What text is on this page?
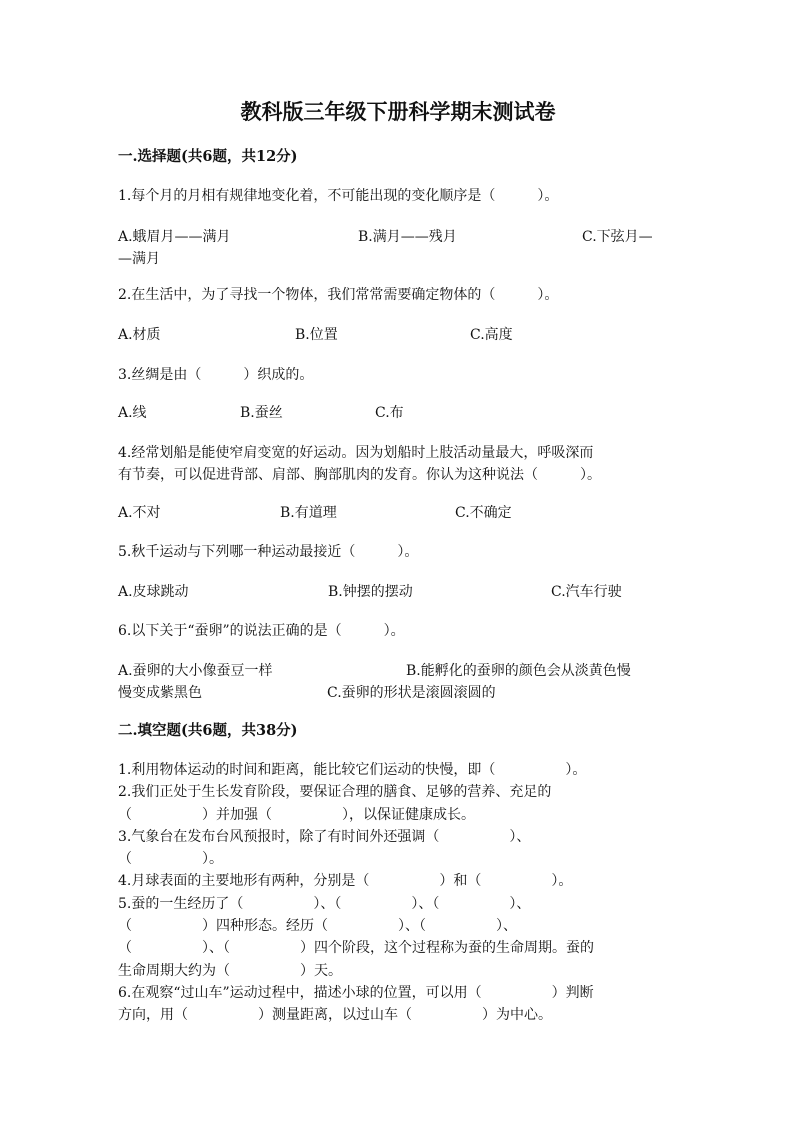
教科版三年级下册科学期末测试卷
一.选择题(共6题，共12分)
1.每个月的月相有规律地变化着，不可能出现的变化顺序是（　　　）。
A.蛾眉月——满月	B.满月——残月	C.下弦月—
—满月
2.在生活中，为了寻找一个物体，我们常常需要确定物体的（　　　）。
A.材质	B.位置	C.高度
3.丝绸是由（　　　）织成的。
A.线	B.蚕丝	C.布
4.经常划船是能使窄肩变宽的好运动。因为划船时上肢活动量最大，呼吸深而
有节奏，可以促进背部、肩部、胸部肌肉的发育。你认为这种说法（　　　）。
A.不对	B.有道理	C.不确定
5.秋千运动与下列哪一种运动最接近（　　　）。
A.皮球跳动	B.钟摆的摆动	C.汽车行驶
6.以下关于“蚕卵”的说法正确的是（　　　）。
A.蚕卵的大小像蚕豆一样	B.能孵化的蚕卵的颜色会从淡黄色慢
慢变成紫黑色	C.蚕卵的形状是滚圆滚圆的
二.填空题(共6题，共38分)
1.利用物体运动的时间和距离，能比较它们运动的快慢，即（　　　　　）。
2.我们正处于生长发育阶段，要保证合理的膳食、足够的营养、充足的
（　　　　　）并加强（　　　　　），以保证健康成长。
3.气象台在发布台风预报时，除了有时间外还强调（　　　　　）、
（　　　　　）。
4.月球表面的主要地形有两种，分别是（　　　　　）和（　　　　　）。
5.蚕的一生经历了（　　　　　）、（　　　　　）、（　　　　　）、
（　　　　　）四种形态。经历（　　　　　）、（　　　　　）、
（　　　　　）、（　　　　　）四个阶段，这个过程称为蚕的生命周期。蚕的
生命周期大约为（　　　　　）天。
6.在观察“过山车”运动过程中，描述小球的位置，可以用（　　　　　）判断
方向，用（　　　　　）测量距离，以过山车（　　　　　）为中心。
